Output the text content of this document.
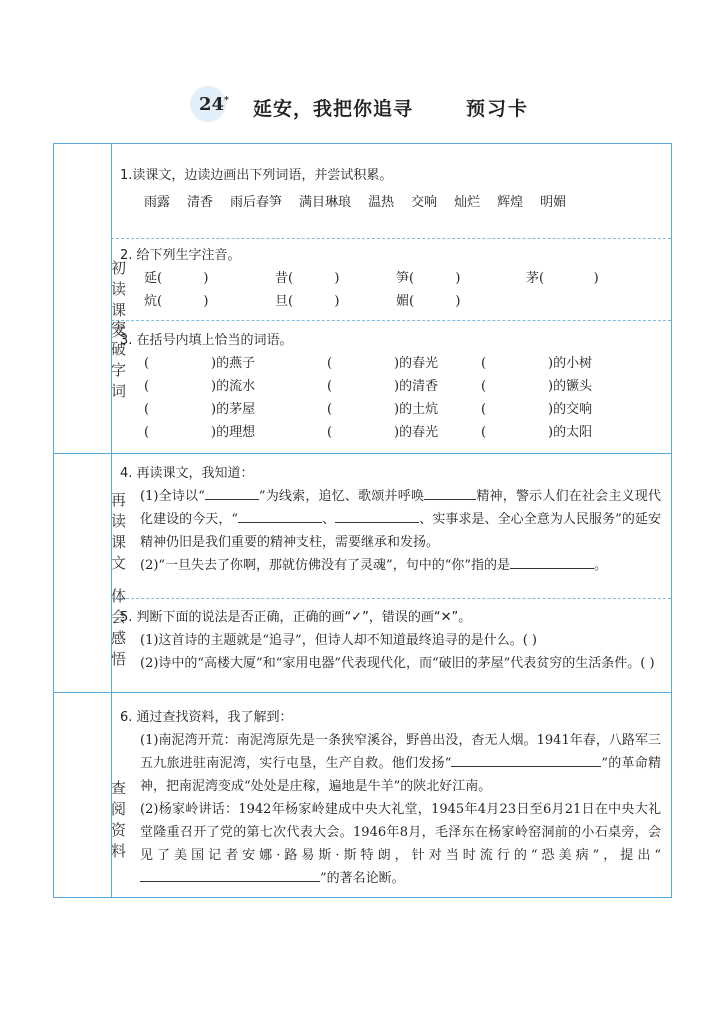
24* 延安，我把你追寻	预习卡
初读课文
突破字词
再读课文
体会感悟
查阅资料
1.读课文，边读边画出下列词语，并尝试积累。
雨露 清香 雨后春笋 满目琳琅 温热 交响 灿烂 辉煌 明媚
2. 给下列生字注音。
延(          )	昔(          )	笋(          )	茅(            )
炕(          )	旦(          )	媚(          )
3. 在括号内填上恰当的词语。
(               )的燕子	(               )的春光	(               )的小树
(               )的流水	(               )的清香	(               )的镢头
(               )的茅屋	(               )的土炕	(               )的交响
(               )的理想	(               )的春光	(               )的太阳
4. 再读课文，我知道：
(1)全诗以“	”为线索，追忆、歌颂并呼唤	精神，警示人们在社会主义现代化建设的今天，“	、	、实事求是、全心全意为人民服务”的延安精神仍旧是我们重要的精神支柱，需要继承和发扬。
(2)“一旦失去了你啊，那就仿佛没有了灵魂”，句中的“你”指的是	。
5. 判断下面的说法是否正确，正确的画“✓”，错误的画“✕”。
(1)这首诗的主题就是“追寻”，但诗人却不知道最终追寻的是什么。( )
(2)诗中的“高楼大厦”和“家用电器”代表现代化，而“破旧的茅屋”代表贫穷的生活条件。( )
6. 通过查找资料，我了解到：
(1)南泥湾开荒：南泥湾原先是一条狭窄溪谷，野兽出没，杳无人烟。1941年春，八路军三五九旅进驻南泥湾，实行屯垦，生产自救。他们发扬“	”的革命精神，把南泥湾变成“处处是庄稼，遍地是牛羊”的陕北好江南。
(2)杨家岭讲话：1942年杨家岭建成中央大礼堂，1945年4月23日至6月21日在中央大礼堂隆重召开了党的第七次代表大会。1946年8月，毛泽东在杨家岭窑洞前的小石桌旁，会见了美国记者安娜·路易斯·斯特朗，针对当时流行的“恐美病”，提出“”的著名论断。
